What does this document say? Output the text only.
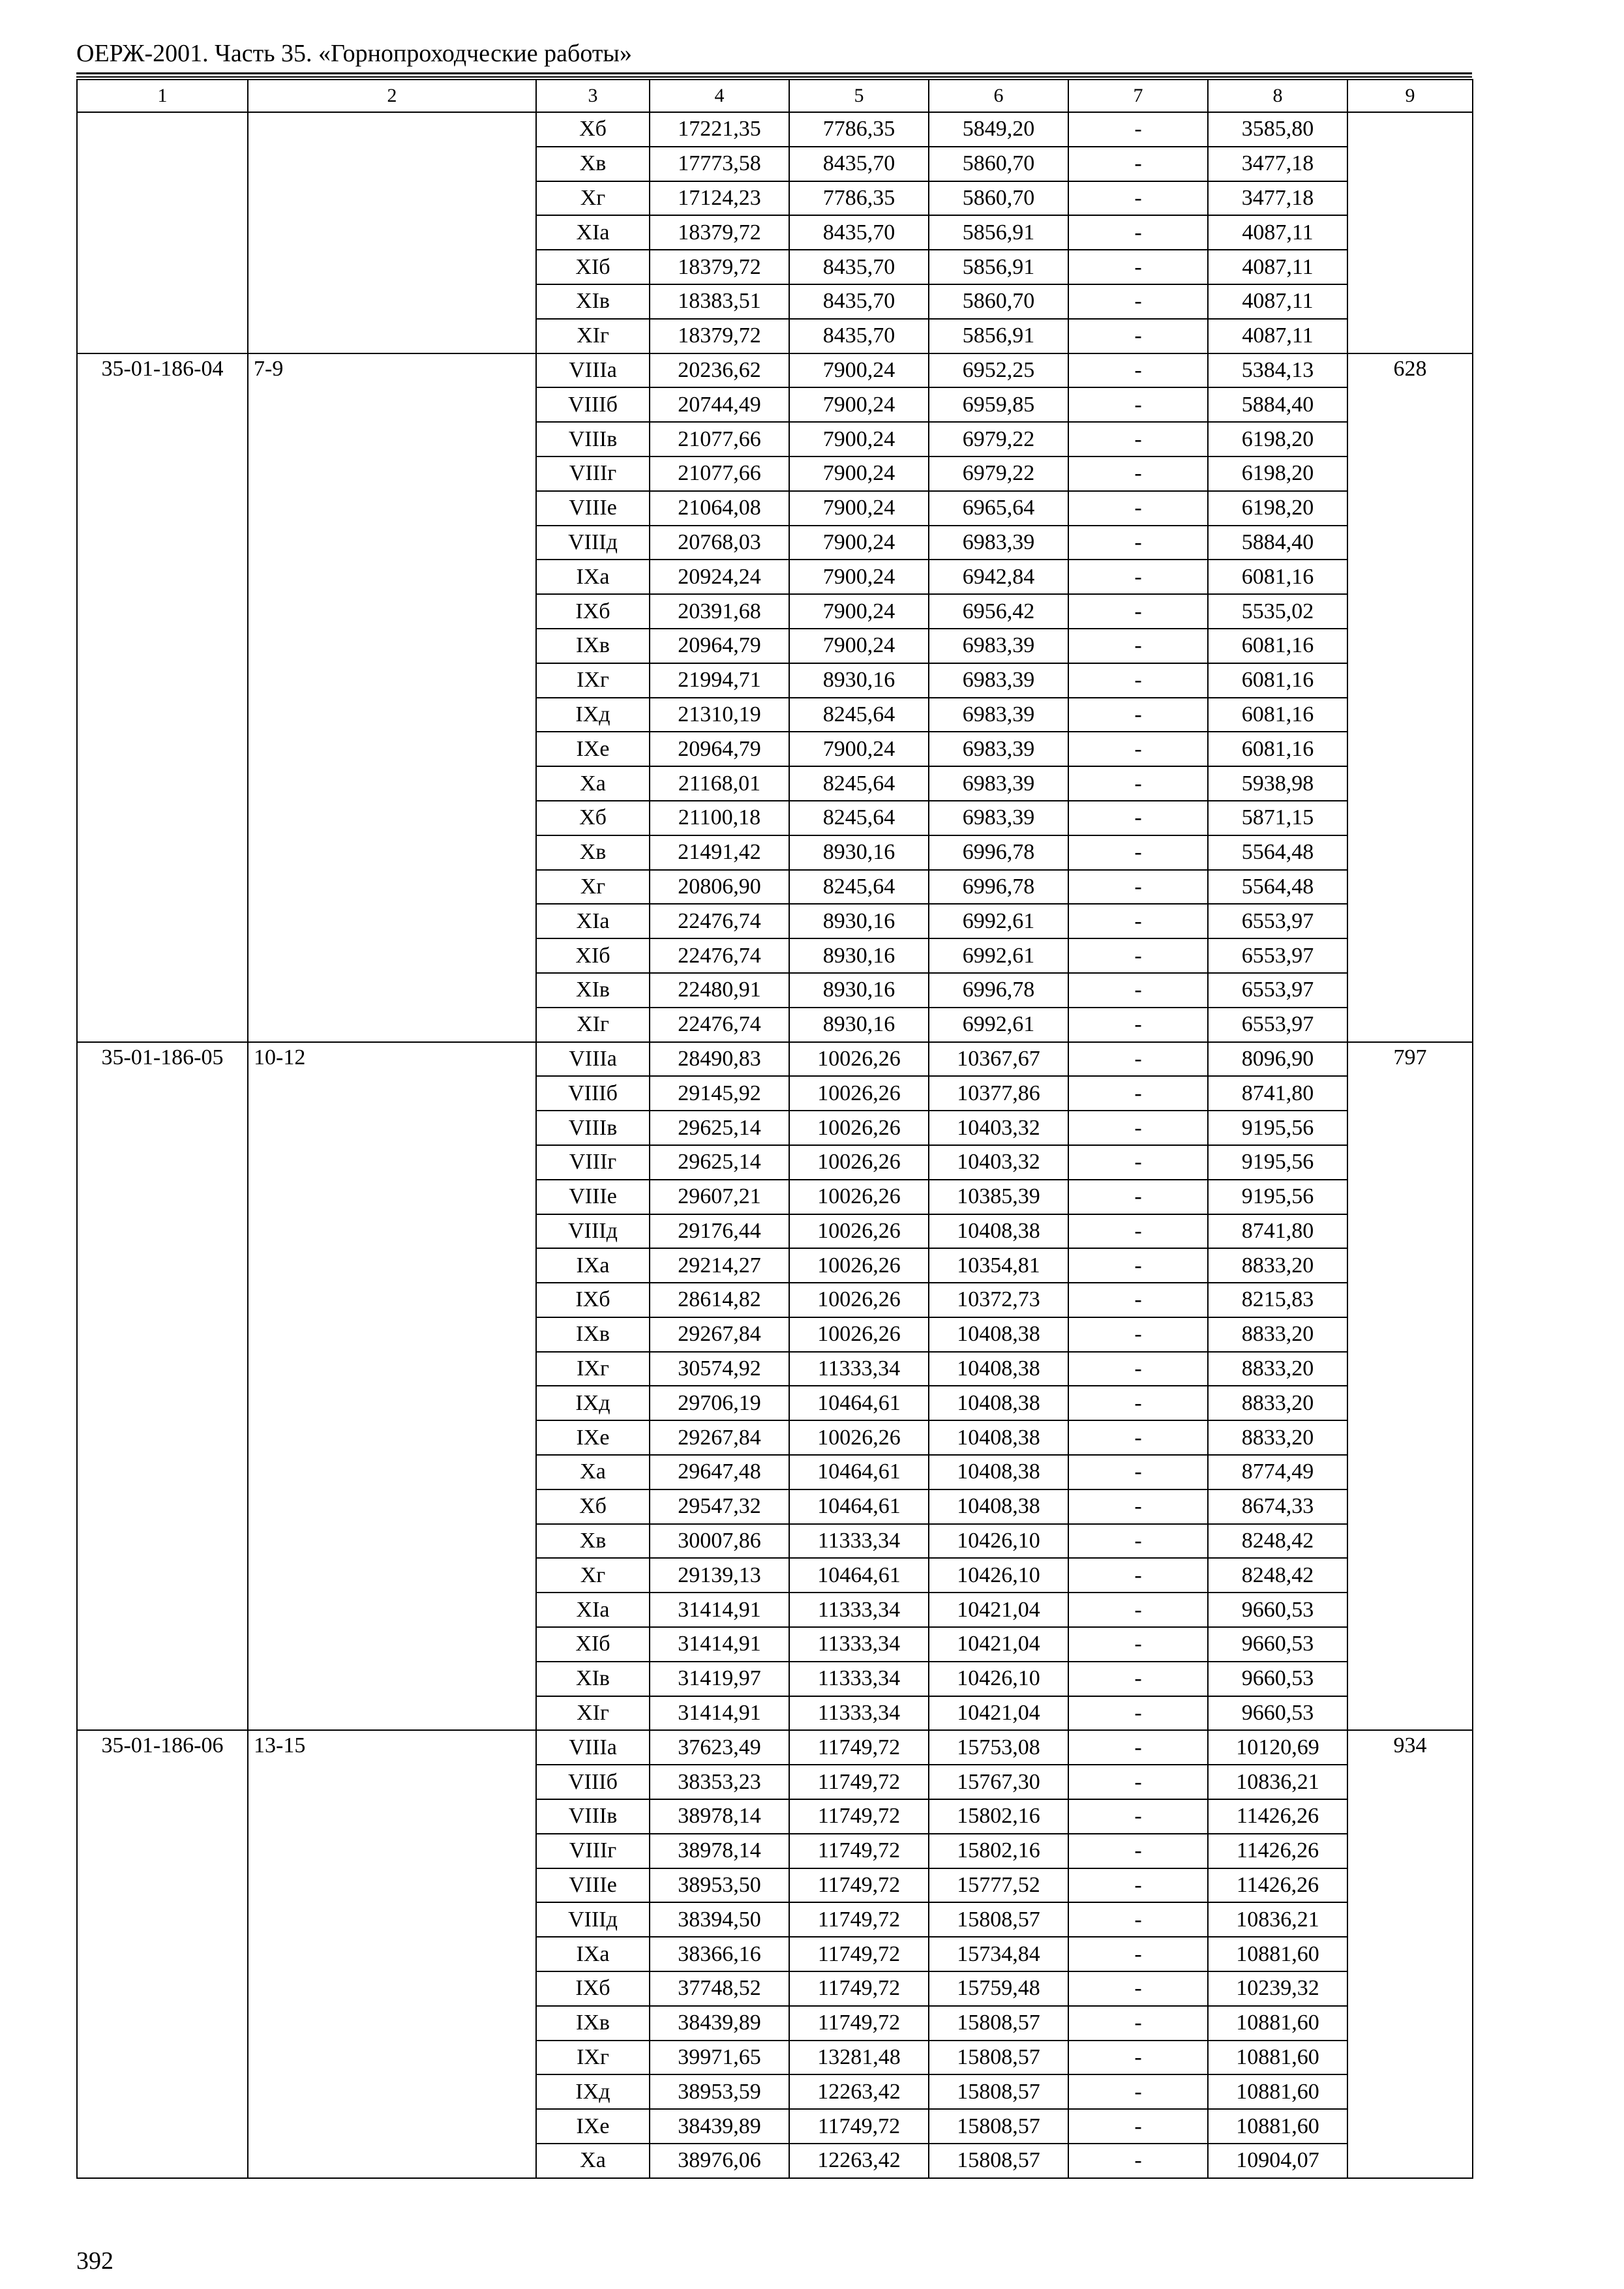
ОЕРЖ-2001. Часть 35. «Горнопроходческие работы»
1	2	3	4	5	6	7	8	9
		Xб	17221,35	7786,35	5849,20	-	3585,80	
		Xв	17773,58	8435,70	5860,70	-	3477,18	
		Xг	17124,23	7786,35	5860,70	-	3477,18	
		XIa	18379,72	8435,70	5856,91	-	4087,11	
		XIб	18379,72	8435,70	5856,91	-	4087,11	
		XIв	18383,51	8435,70	5860,70	-	4087,11	
		XIг	18379,72	8435,70	5856,91	-	4087,11	
35-01-186-04	7-9	VIIIa	20236,62	7900,24	6952,25	-	5384,13	628
		VIIIб	20744,49	7900,24	6959,85	-	5884,40	
		VIIIв	21077,66	7900,24	6979,22	-	6198,20	
		VIIIг	21077,66	7900,24	6979,22	-	6198,20	
		VIIIe	21064,08	7900,24	6965,64	-	6198,20	
		VIIIд	20768,03	7900,24	6983,39	-	5884,40	
		IXa	20924,24	7900,24	6942,84	-	6081,16	
		IXб	20391,68	7900,24	6956,42	-	5535,02	
		IXв	20964,79	7900,24	6983,39	-	6081,16	
		IXг	21994,71	8930,16	6983,39	-	6081,16	
		IXд	21310,19	8245,64	6983,39	-	6081,16	
		IXe	20964,79	7900,24	6983,39	-	6081,16	
		Xa	21168,01	8245,64	6983,39	-	5938,98	
		Xб	21100,18	8245,64	6983,39	-	5871,15	
		Xв	21491,42	8930,16	6996,78	-	5564,48	
		Xг	20806,90	8245,64	6996,78	-	5564,48	
		XIa	22476,74	8930,16	6992,61	-	6553,97	
		XIб	22476,74	8930,16	6992,61	-	6553,97	
		XIв	22480,91	8930,16	6996,78	-	6553,97	
		XIг	22476,74	8930,16	6992,61	-	6553,97	
35-01-186-05	10-12	VIIIa	28490,83	10026,26	10367,67	-	8096,90	797
		VIIIб	29145,92	10026,26	10377,86	-	8741,80	
		VIIIв	29625,14	10026,26	10403,32	-	9195,56	
		VIIIг	29625,14	10026,26	10403,32	-	9195,56	
		VIIIe	29607,21	10026,26	10385,39	-	9195,56	
		VIIIд	29176,44	10026,26	10408,38	-	8741,80	
		IXa	29214,27	10026,26	10354,81	-	8833,20	
		IXб	28614,82	10026,26	10372,73	-	8215,83	
		IXв	29267,84	10026,26	10408,38	-	8833,20	
		IXг	30574,92	11333,34	10408,38	-	8833,20	
		IXд	29706,19	10464,61	10408,38	-	8833,20	
		IXe	29267,84	10026,26	10408,38	-	8833,20	
		Xa	29647,48	10464,61	10408,38	-	8774,49	
		Xб	29547,32	10464,61	10408,38	-	8674,33	
		Xв	30007,86	11333,34	10426,10	-	8248,42	
		Xг	29139,13	10464,61	10426,10	-	8248,42	
		XIa	31414,91	11333,34	10421,04	-	9660,53	
		XIб	31414,91	11333,34	10421,04	-	9660,53	
		XIв	31419,97	11333,34	10426,10	-	9660,53	
		XIг	31414,91	11333,34	10421,04	-	9660,53	
35-01-186-06	13-15	VIIIa	37623,49	11749,72	15753,08	-	10120,69	934
		VIIIб	38353,23	11749,72	15767,30	-	10836,21	
		VIIIв	38978,14	11749,72	15802,16	-	11426,26	
		VIIIг	38978,14	11749,72	15802,16	-	11426,26	
		VIIIe	38953,50	11749,72	15777,52	-	11426,26	
		VIIIд	38394,50	11749,72	15808,57	-	10836,21	
		IXa	38366,16	11749,72	15734,84	-	10881,60	
		IXб	37748,52	11749,72	15759,48	-	10239,32	
		IXв	38439,89	11749,72	15808,57	-	10881,60	
		IXг	39971,65	13281,48	15808,57	-	10881,60	
		IXд	38953,59	12263,42	15808,57	-	10881,60	
		IXe	38439,89	11749,72	15808,57	-	10881,60	
		Xa	38976,06	12263,42	15808,57	-	10904,07	
392
